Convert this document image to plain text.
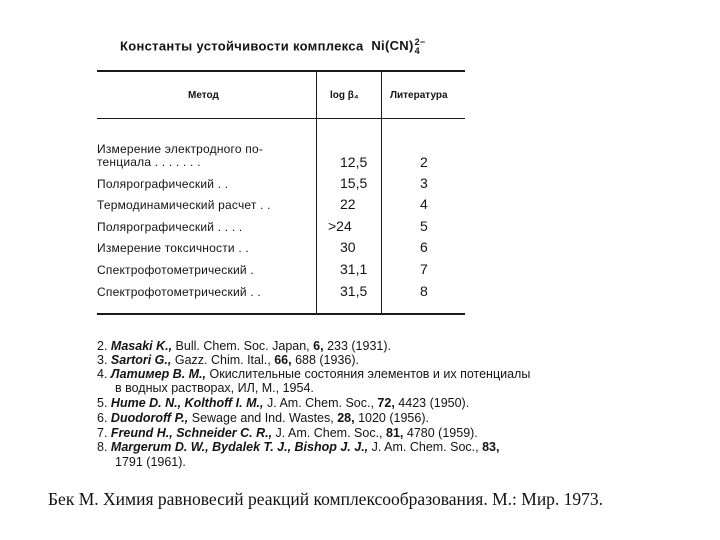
Константы устойчивости комплекса Ni(CN) 2−
4
Метод	log β₄	Литература
Измерение электродного по-
тенциала . . . . . . .	12,5	2
Полярографический . .	15,5	3
Термодинамический расчет . .	22	4
Полярографический . . . .	>24	5
Измерение токсичности . .	30	6
Спектрофотометрический .	31,1	7
Спектрофотометрический . .	31,5	8
2. Masaki K., Bull. Chem. Soc. Japan, 6, 233 (1931).
3. Sartori G., Gazz. Chim. Ital., 66, 688 (1936).
4. Латимер В. М., Окислительные состояния элементов и их потенциалы
в водных растворах, ИЛ, М., 1954.
5. Hume D. N., Kolthoff I. M., J. Am. Chem. Soc., 72, 4423 (1950).
6. Duodoroff P., Sewage and Ind. Wastes, 28, 1020 (1956).
7. Freund H., Schneider C. R., J. Am. Chem. Soc., 81, 4780 (1959).
8. Margerum D. W., Bydalek T. J., Bishop J. J., J. Am. Chem. Soc., 83,
1791 (1961).
Бек М. Химия равновесий реакций комплексообразования. М.: Мир. 1973.
